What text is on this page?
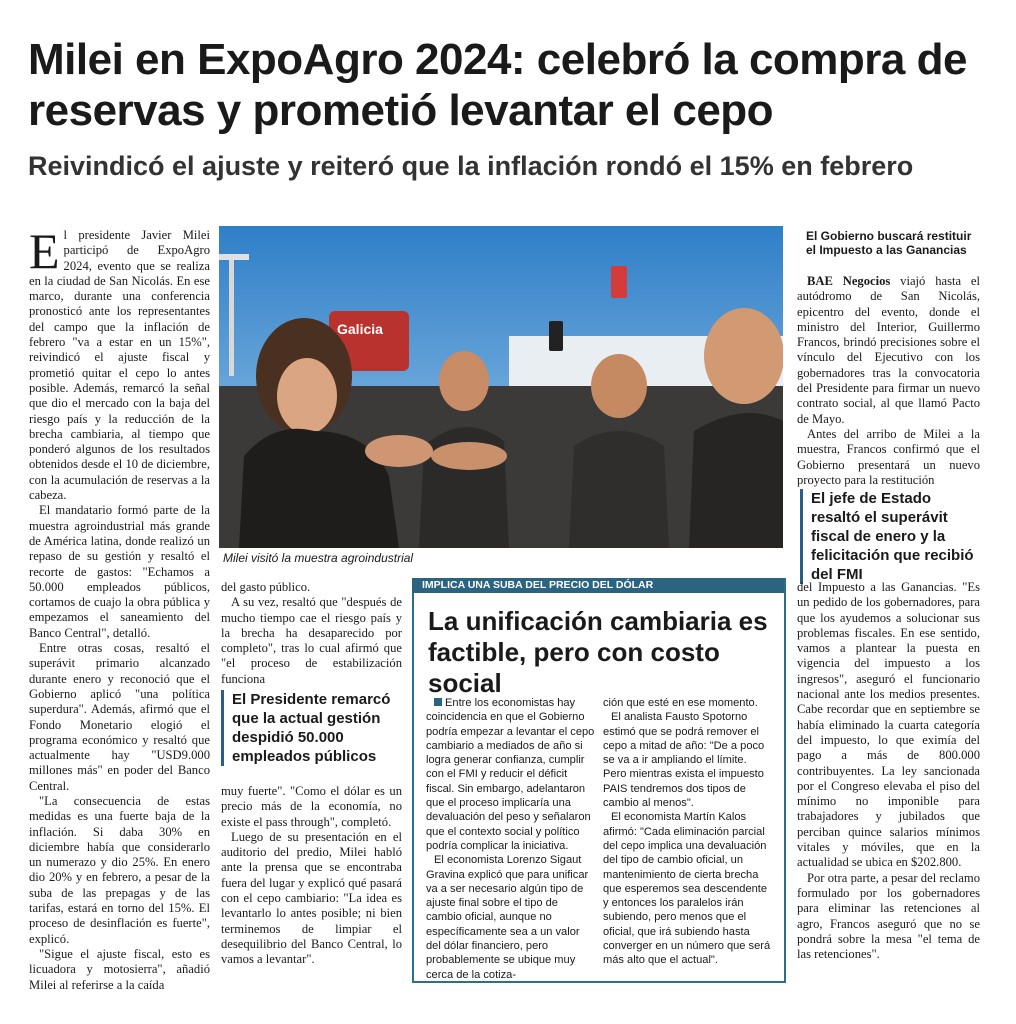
Milei en ExpoAgro 2024: celebró la compra de reservas y prometió levantar el cepo
Reivindicó el ajuste y reiteró que la inflación rondó el 15% en febrero

El presidente Javier Milei participó de ExpoAgro 2024, evento que se realiza en la ciudad de San Nicolás. En ese marco, durante una conferencia pronosticó ante los representantes del campo que la inflación de febrero "va a estar en un 15%", reivindicó el ajuste fiscal y prometió quitar el cepo lo antes posible. Además, remarcó la señal que dio el mercado con la baja del riesgo país y la reducción de la brecha cambiaria, al tiempo que ponderó algunos de los resultados obtenidos desde el 10 de diciembre, con la acumulación de reservas a la cabeza.

El mandatario formó parte de la muestra agroindustrial más grande de América latina, donde realizó un repaso de su gestión y resaltó el recorte de gastos: "Echamos a 50.000 empleados públicos, cortamos de cuajo la obra pública y empezamos el saneamiento del Banco Central", detalló.

Entre otras cosas, resaltó el superávit primario alcanzado durante enero y reconoció que el Gobierno aplicó "una política superdura". Además, afirmó que el Fondo Monetario elogió el programa económico y resaltó que actualmente hay "USD9.000 millones más" en poder del Banco Central.

"La consecuencia de estas medidas es una fuerte baja de la inflación. Si daba 30% en diciembre había que considerarlo un numerazo y dio 25%. En enero dio 20% y en febrero, a pesar de la suba de las prepagas y de las tarifas, estará en torno del 15%. El proceso de desinflación es fuerte", explicó.

"Sigue el ajuste fiscal, esto es licuadora y motosierra", añadió Milei al referirse a la caída

Galicia
Milei visitó la muestra agroindustrial

del gasto público.

A su vez, resaltó que "después de mucho tiempo cae el riesgo país y la brecha ha desaparecido por completo", tras lo cual afirmó que "el proceso de estabilización funciona

El Presidente remarcó que la actual gestión despidió 50.000 empleados públicos

muy fuerte". "Como el dólar es un precio más de la economía, no existe el pass through", completó.

Luego de su presentación en el auditorio del predio, Milei habló ante la prensa que se encontraba fuera del lugar y explicó qué pasará con el cepo cambiario: "La idea es levantarlo lo antes posible; ni bien terminemos de limpiar el desequilibrio del Banco Central, lo vamos a levantar".

El Gobierno buscará restituir el Impuesto a las Ganancias

BAE Negocios viajó hasta el autódromo de San Nicolás, epicentro del evento, donde el ministro del Interior, Guillermo Francos, brindó precisiones sobre el vínculo del Ejecutivo con los gobernadores tras la convocatoria del Presidente para firmar un nuevo contrato social, al que llamó Pacto de Mayo.

Antes del arribo de Milei a la muestra, Francos confirmó que el Gobierno presentará un nuevo proyecto para la restitución

El jefe de Estado resaltó el superávit fiscal de enero y la felicitación que recibió del FMI

del Impuesto a las Ganancias. "Es un pedido de los gobernadores, para que los ayudemos a solucionar sus problemas fiscales. En ese sentido, vamos a plantear la puesta en vigencia del impuesto a los ingresos", aseguró el funcionario nacional ante los medios presentes. Cabe recordar que en septiembre se había eliminado la cuarta categoría del impuesto, lo que eximía del pago a más de 800.000 contribuyentes. La ley sancionada por el Congreso elevaba el piso del mínimo no imponible para trabajadores y jubilados que perciban quince salarios mínimos vitales y móviles, que en la actualidad se ubica en $202.800.

Por otra parte, a pesar del reclamo formulado por los gobernadores para eliminar las retenciones al agro, Francos aseguró que no se pondrá sobre la mesa "el tema de las retenciones".

IMPLICA UNA SUBA DEL PRECIO DEL DÓLAR
La unificación cambiaria es factible, pero con costo social

Entre los economistas hay coincidencia en que el Gobierno podría empezar a levantar el cepo cambiario a mediados de año si logra generar confianza, cumplir con el FMI y reducir el déficit fiscal. Sin embargo, adelantaron que el proceso implicaría una devaluación del peso y señalaron que el contexto social y político podría complicar la iniciativa.

El economista Lorenzo Sigaut Gravina explicó que para unificar va a ser necesario algún tipo de ajuste final sobre el tipo de cambio oficial, aunque no específicamente sea a un valor del dólar financiero, pero probablemente se ubique muy cerca de la cotiza-

ción que esté en ese momento.

El analista Fausto Spotorno estimó que se podrá remover el cepo a mitad de año: "De a poco se va a ir ampliando el límite. Pero mientras exista el impuesto PAIS tendremos dos tipos de cambio al menos".

El economista Martín Kalos afirmó: "Cada eliminación parcial del cepo implica una devaluación del tipo de cambio oficial, un mantenimiento de cierta brecha que esperemos sea descendente y entonces los paralelos irán subiendo, pero menos que el oficial, que irá subiendo hasta converger en un número que será más alto que el actual".
